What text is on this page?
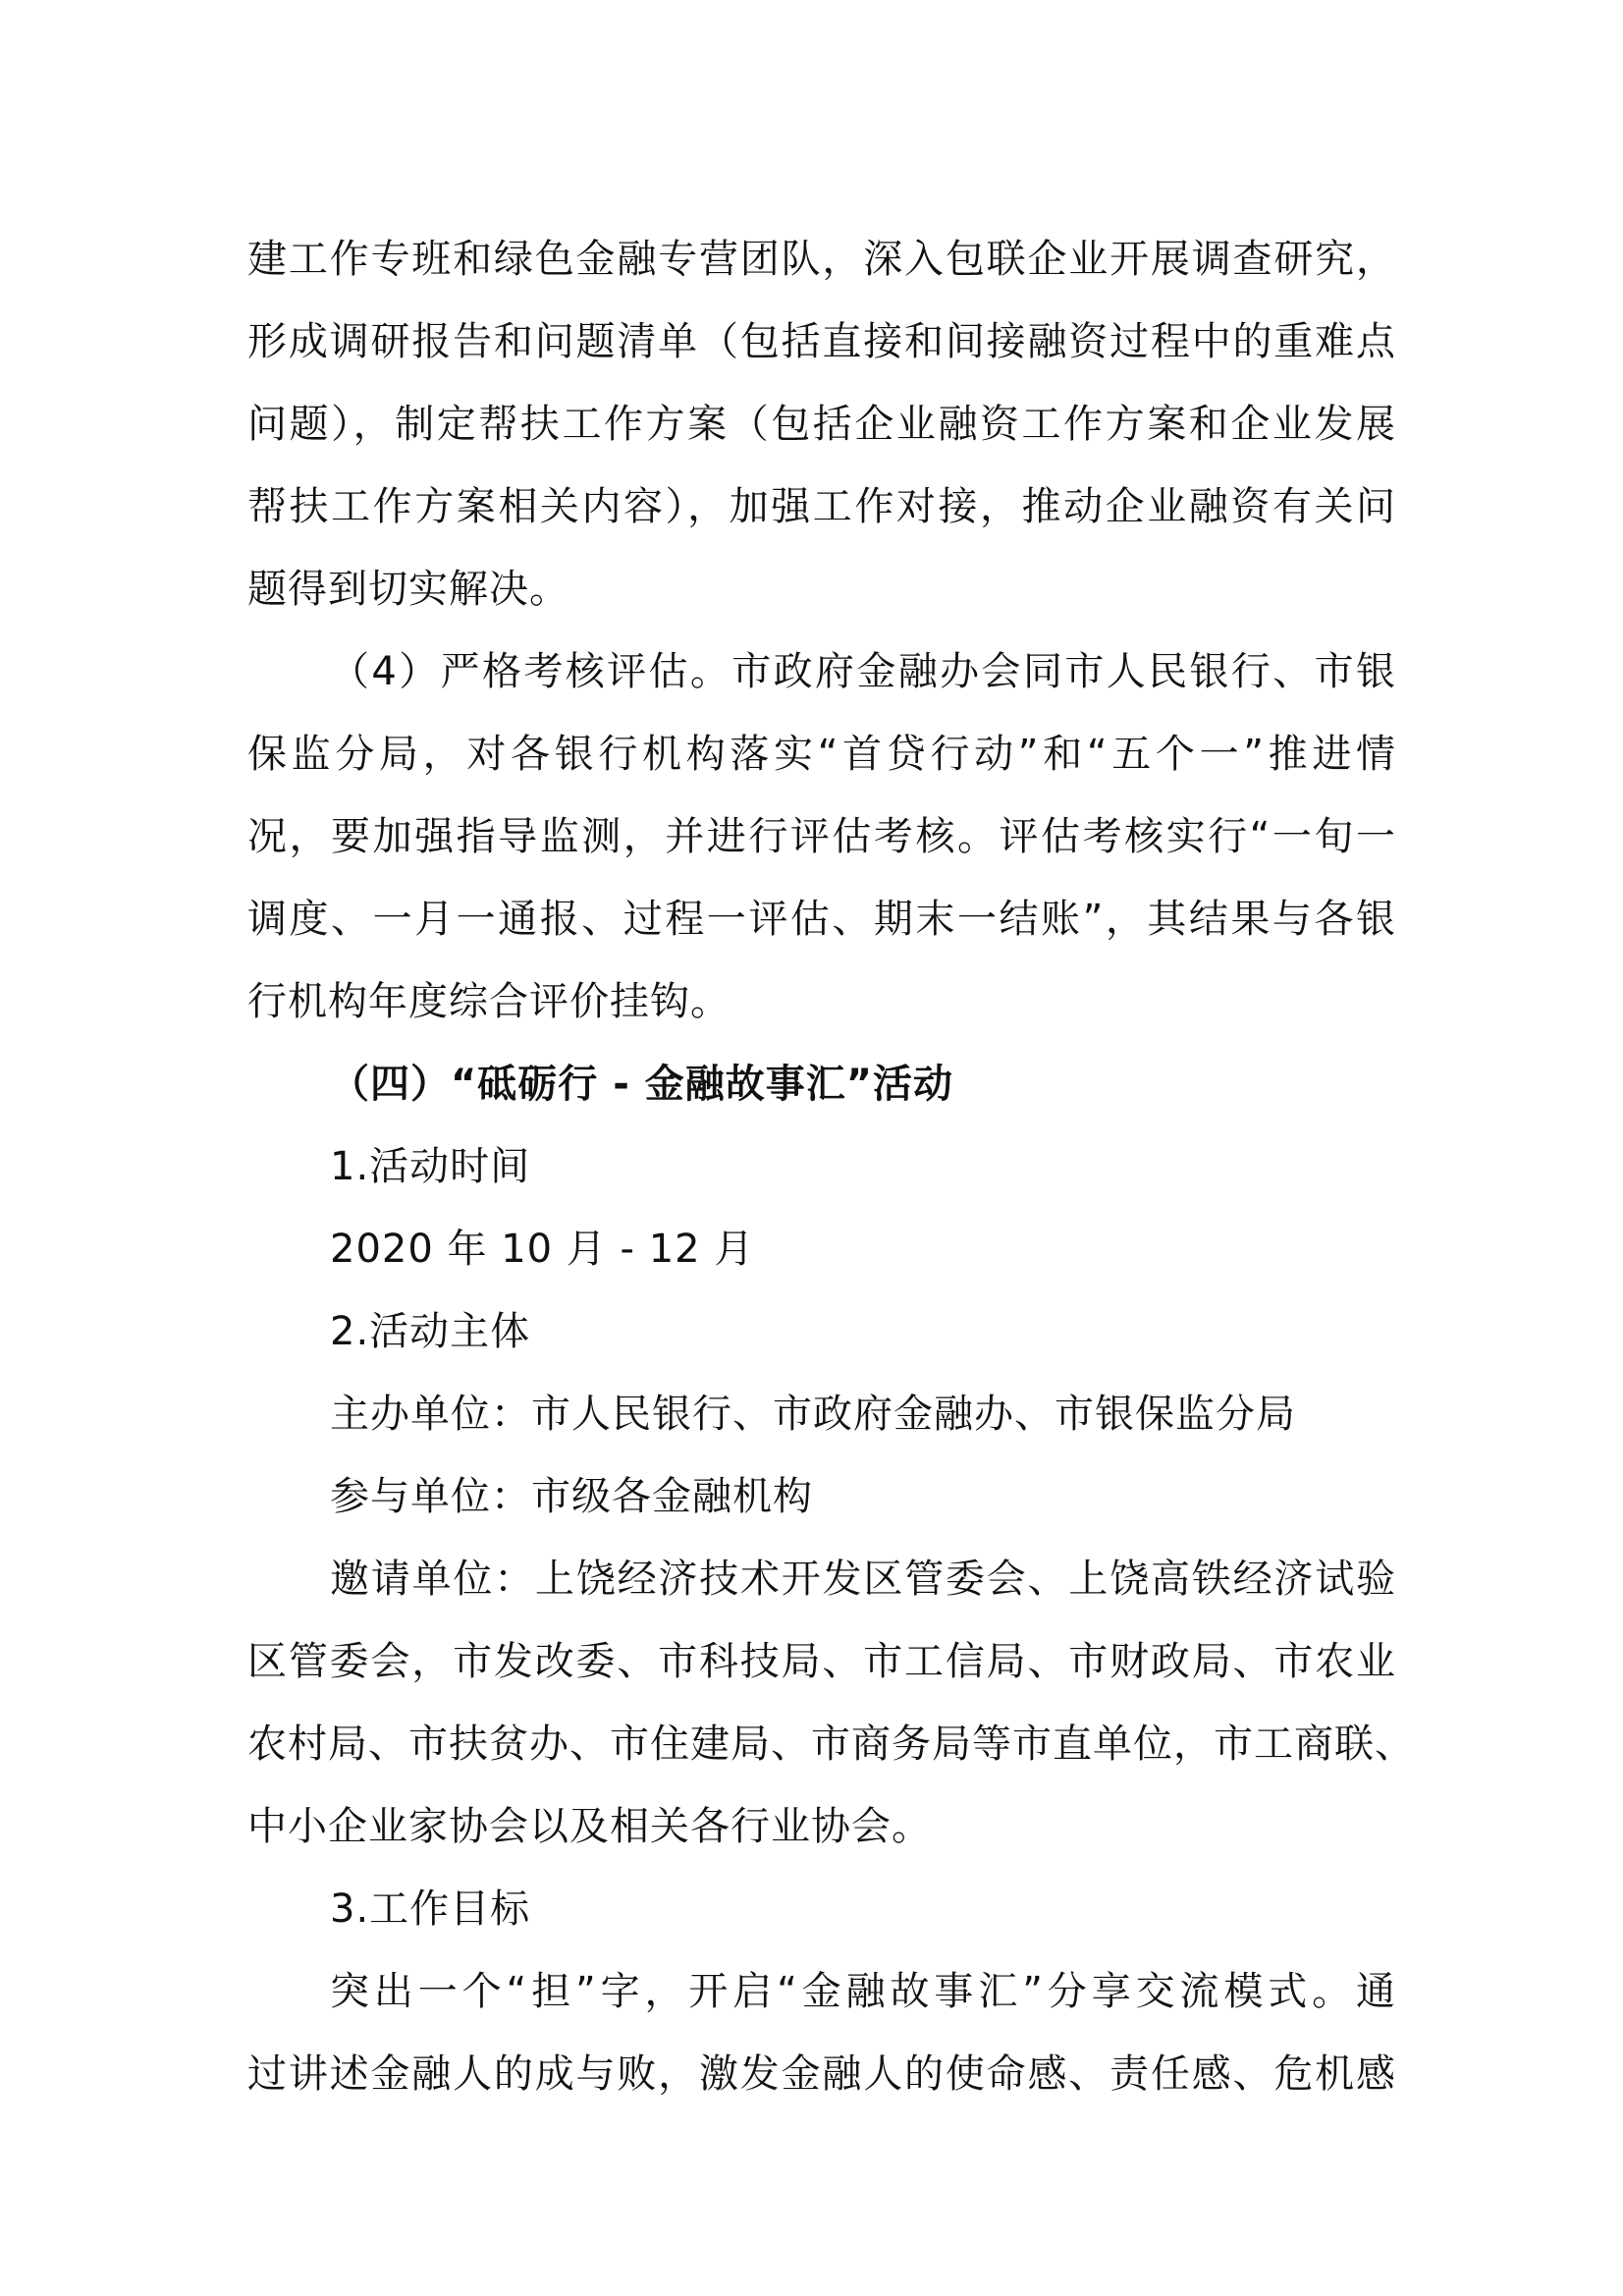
建工作专班和绿色金融专营团队，深入包联企业开展调查研究，
形成调研报告和问题清单（包括直接和间接融资过程中的重难点
问题），制定帮扶工作方案（包括企业融资工作方案和企业发展
帮扶工作方案相关内容），加强工作对接，推动企业融资有关问
题得到切实解决。
（4）严格考核评估。市政府金融办会同市人民银行、市银
保监分局，对各银行机构落实“首贷行动”和“五个一”推进情
况，要加强指导监测，并进行评估考核。评估考核实行“一旬一
调度、一月一通报、过程一评估、期末一结账”，其结果与各银
行机构年度综合评价挂钩。
（四）“砥砺行 - 金融故事汇”活动
1.活动时间
2020 年 10 月 - 12 月
2.活动主体
主办单位：市人民银行、市政府金融办、市银保监分局
参与单位：市级各金融机构
邀请单位：上饶经济技术开发区管委会、上饶高铁经济试验
区管委会，市发改委、市科技局、市工信局、市财政局、市农业
农村局、市扶贫办、市住建局、市商务局等市直单位，市工商联、
中小企业家协会以及相关各行业协会。
3.工作目标
突出一个“担”字，开启“金融故事汇”分享交流模式。通
过讲述金融人的成与败，激发金融人的使命感、责任感、危机感
